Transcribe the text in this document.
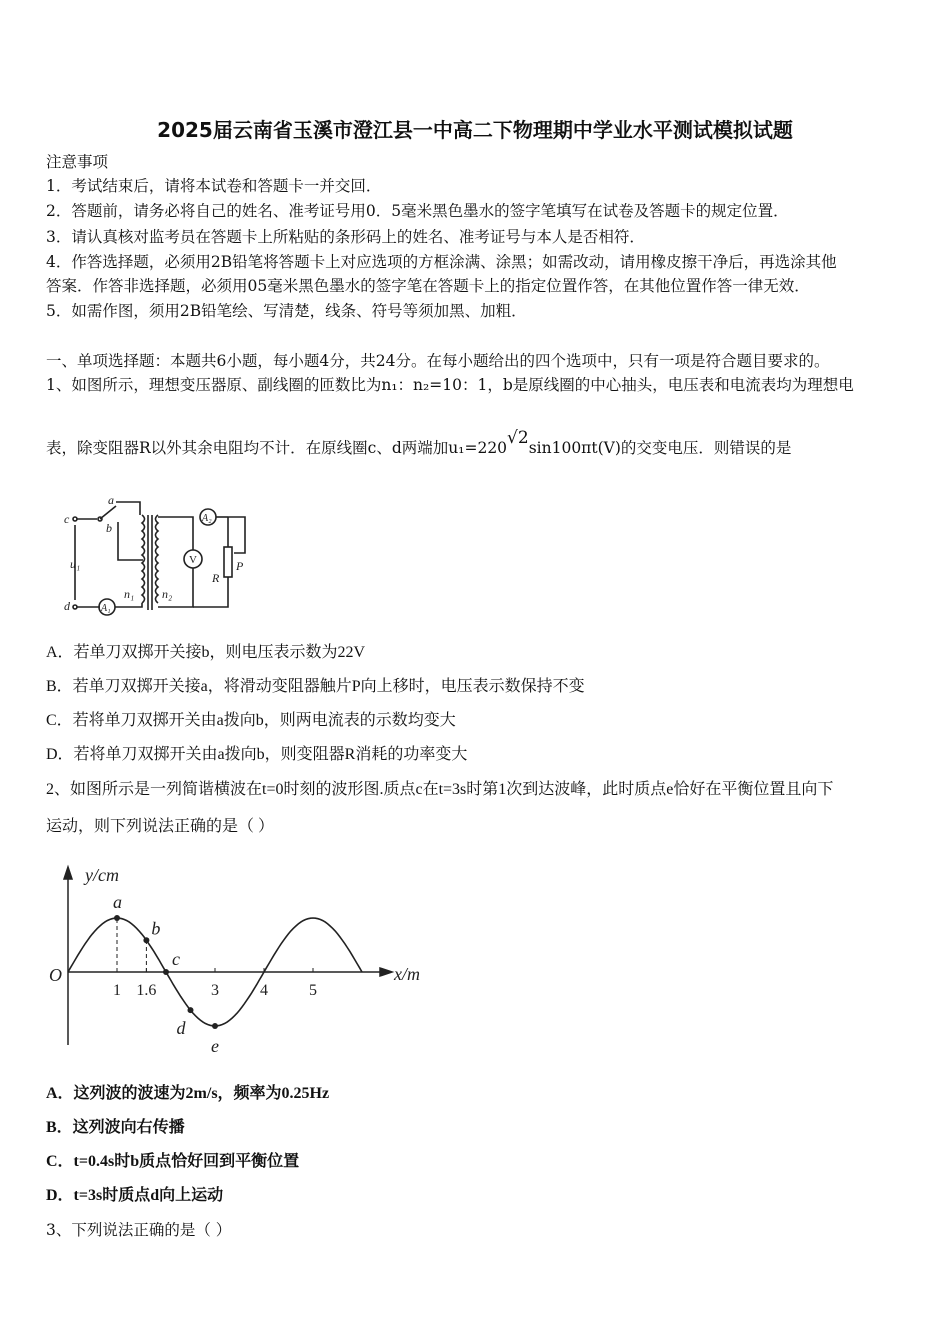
2025届云南省玉溪市澄江县一中高二下物理期中学业水平测试模拟试题
注意事项
1．考试结束后，请将本试卷和答题卡一并交回．
2．答题前，请务必将自己的姓名、准考证号用0．5毫米黑色墨水的签字笔填写在试卷及答题卡的规定位置．
3．请认真核对监考员在答题卡上所粘贴的条形码上的姓名、准考证号与本人是否相符．
4．作答选择题，必须用2B铅笔将答题卡上对应选项的方框涂满、涂黑；如需改动，请用橡皮擦干净后，再选涂其他
答案．作答非选择题，必须用05毫米黑色墨水的签字笔在答题卡上的指定位置作答，在其他位置作答一律无效．
5．如需作图，须用2B铅笔绘、写清楚，线条、符号等须加黑、加粗．
一、单项选择题：本题共6小题，每小题4分，共24分。在每小题给出的四个选项中，只有一项是符合题目要求的。
1、如图所示，理想变压器原、副线圈的匝数比为n₁：n₂=10：1，b是原线圈的中心抽头，电压表和电流表均为理想电
表，除变阻器R以外其余电阻均不计．在原线圈c、d两端加u₁=220√2sin100πt(V)的交变电压．则错误的是
c
d
a
b
u₁
n₁ n₂
A₁
A₂
V
R
P
A．若单刀双掷开关接b，则电压表示数为22V
B．若单刀双掷开关接a，将滑动变阻器触片P向上移时，电压表示数保持不变
C．若将单刀双掷开关由a拨向b，则两电流表的示数均变大
D．若将单刀双掷开关由a拨向b，则变阻器R消耗的功率变大
2、如图所示是一列简谐横波在t=0时刻的波形图.质点c在t=3s时第1次到达波峰，此时质点e恰好在平衡位置且向下
运动，则下列说法正确的是（ ）
1 1.6	3	4	5
a
b
c
d
e
y/cm
x/m
O
A．这列波的波速为2m/s，频率为0.25Hz
B．这列波向右传播
C．t=0.4s时b质点恰好回到平衡位置
D．t=3s时质点d向上运动
3、下列说法正确的是（ ）
